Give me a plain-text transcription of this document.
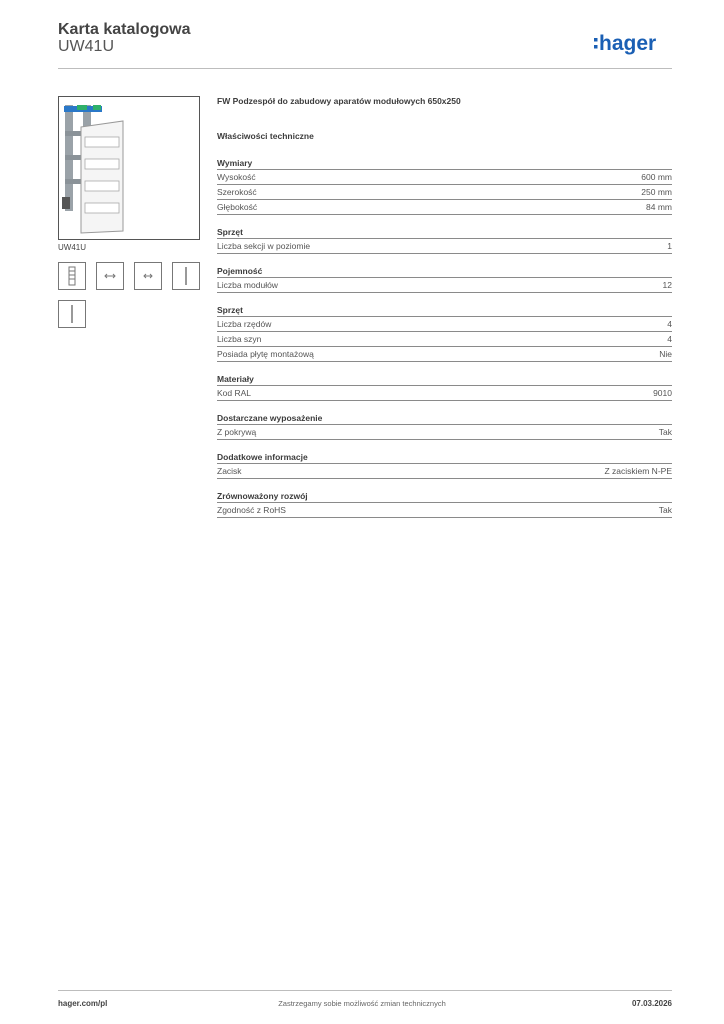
Karta katalogowa
UW41U	hager
UW41U
FW Podzespół do zabudowy aparatów modułowych 650x250
Właściwości techniczne
Wymiary
Wysokość	600 mm
Szerokość	250 mm
Głębokość	84 mm
Sprzęt
Liczba sekcji w poziomie	1
Pojemność
Liczba modułów	12
Sprzęt
Liczba rzędów	4
Liczba szyn	4
Posiada płytę montażową	Nie
Materiały
Kod RAL	9010
Dostarczane wyposażenie
Z pokrywą	Tak
Dodatkowe informacje
Zacisk	Z zaciskiem N-PE
Zrównoważony rozwój
Zgodność z RoHS	Tak
hager.com/pl	Zastrzegamy sobie możliwość zmian technicznych	07.03.2026
